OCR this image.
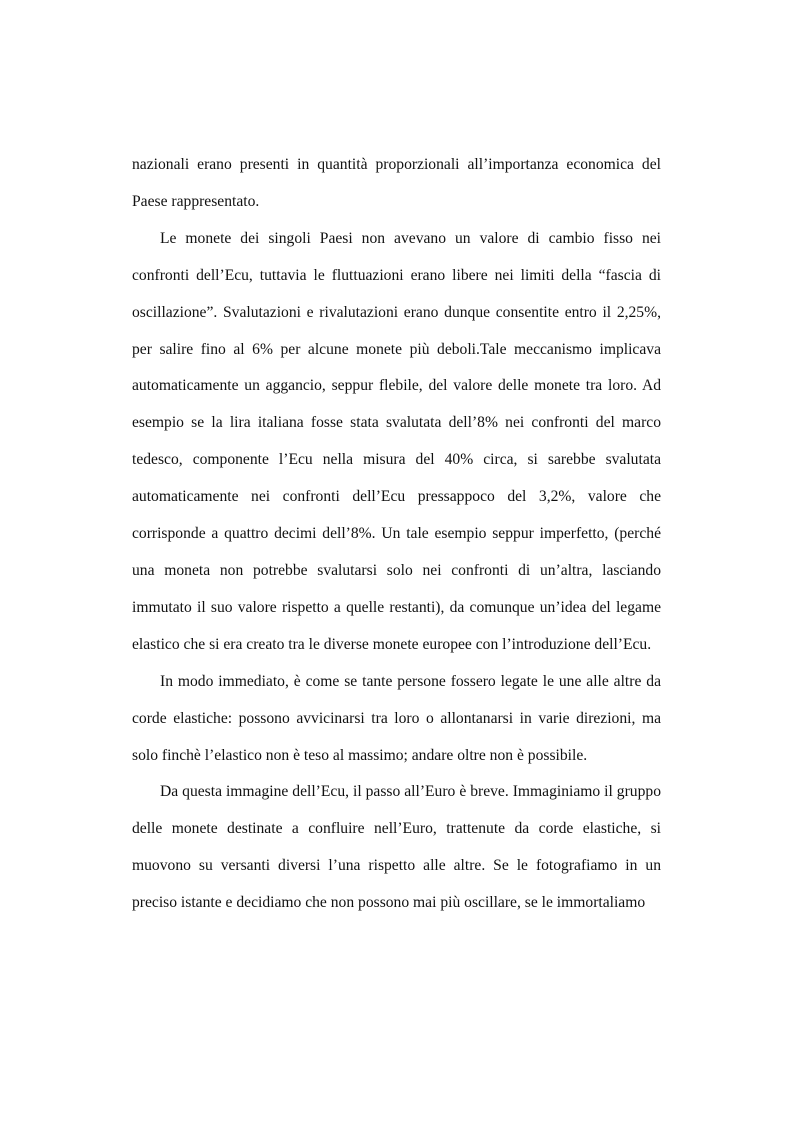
nazionali erano presenti in quantità proporzionali all’importanza economica del Paese rappresentato.

Le monete dei singoli Paesi non avevano un valore di cambio fisso nei confronti dell’Ecu, tuttavia le fluttuazioni erano libere nei limiti della “fascia di oscillazione”. Svalutazioni e rivalutazioni erano dunque consentite entro il 2,25%, per salire fino al 6% per alcune monete più deboli.Tale meccanismo implicava automaticamente un aggancio, seppur flebile, del valore delle monete tra loro. Ad esempio se la lira italiana fosse stata svalutata dell’8% nei confronti del marco tedesco, componente l’Ecu nella misura del 40% circa, si sarebbe svalutata automaticamente nei confronti dell’Ecu pressappoco del 3,2%, valore che corrisponde a quattro decimi dell’8%. Un tale esempio seppur imperfetto, (perché una moneta non potrebbe svalutarsi solo nei confronti di un’altra, lasciando immutato il suo valore rispetto a quelle restanti), da comunque un’idea del legame elastico che si era creato tra le diverse monete europee con l’introduzione dell’Ecu.

In modo immediato, è come se tante persone fossero legate le une alle altre da corde elastiche: possono avvicinarsi tra loro o allontanarsi in varie direzioni, ma solo finchè l’elastico non è teso al massimo; andare oltre non è possibile.

Da questa immagine dell’Ecu, il passo all’Euro è breve. Immaginiamo il gruppo delle monete destinate a confluire nell’Euro, trattenute da corde elastiche, si muovono su versanti diversi l’una rispetto alle altre. Se le fotografiamo in un preciso istante e decidiamo che non possono mai più oscillare, se le immortaliamo
